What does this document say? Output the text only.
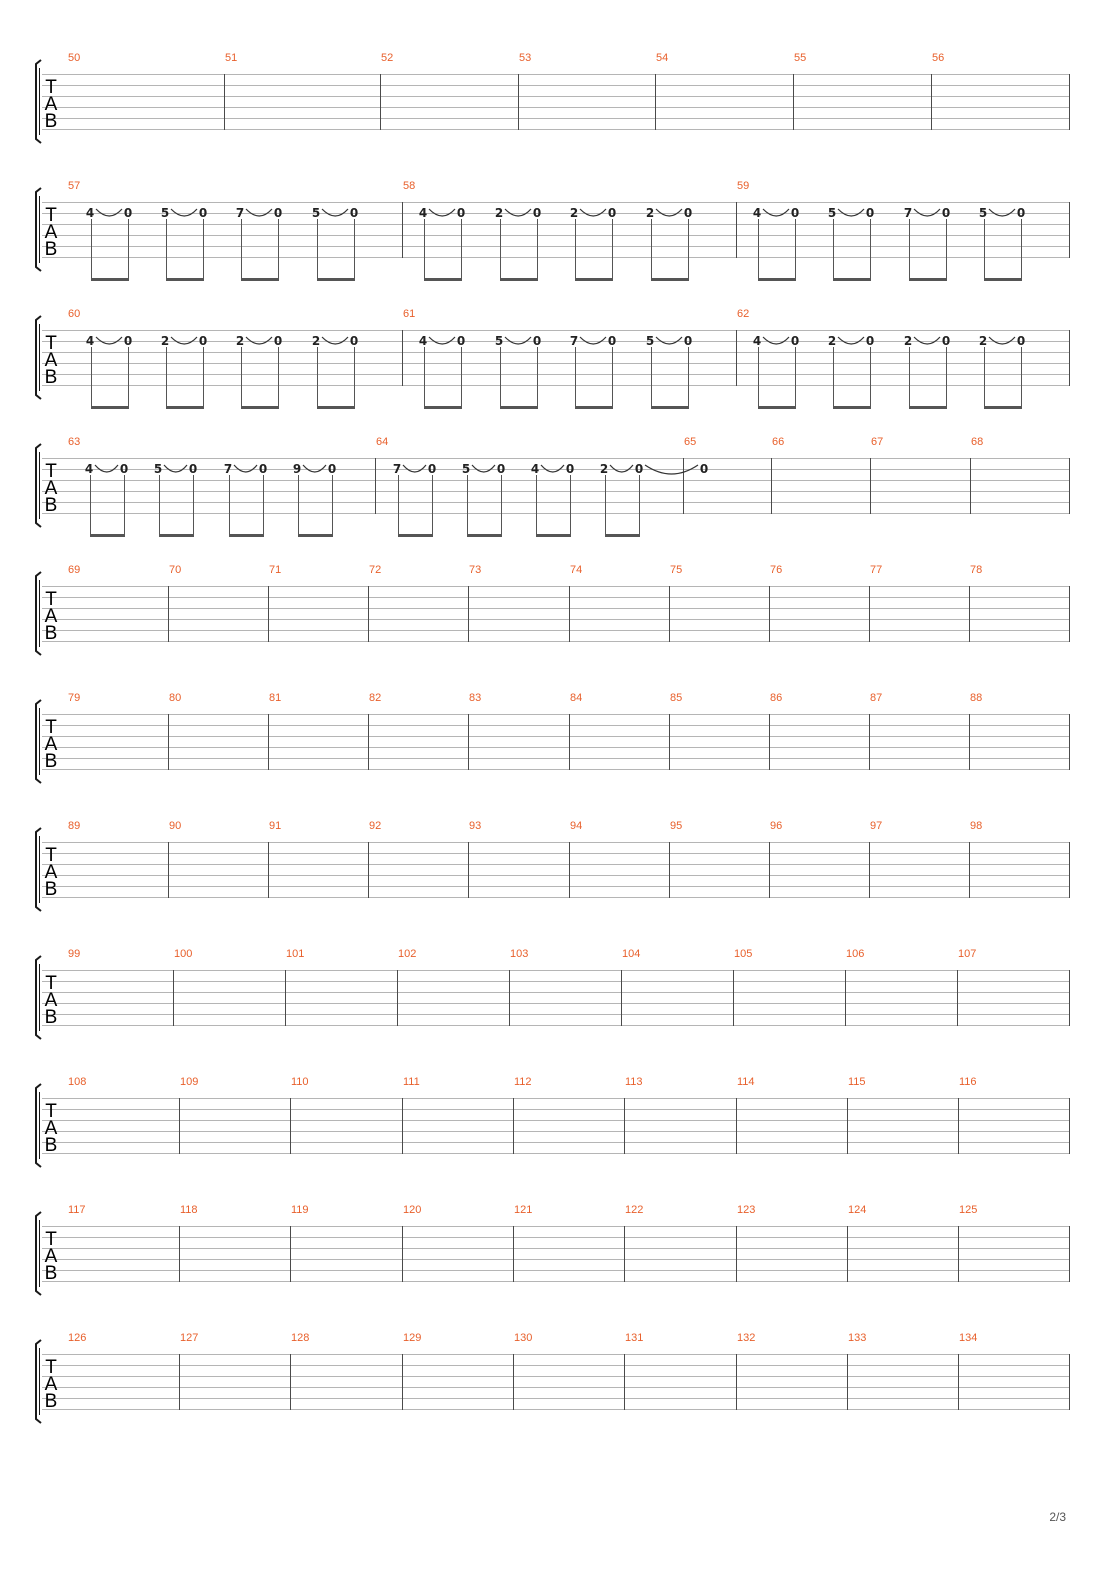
T
A
B
50	51	52	53	54	55	56
T
A
B
57
4 0 5 0 7 0 5 0
58
4 0 2 0 2 0 2 0
59
4 0 5 0 7 0 5 0
T
A
B
60
4 0 2 0 2 0 2 0
61
4 0 5 0 7 0 5 0
62
4 0 2 0 2 0 2 0
T
A
B
63
4 0 5 0 7 0 9 0
64
7 0 5 0 4 0 2 0
65
0
66	67	68
T
A
B
69	70	71	72	73	74	75	76	77	78
T
A
B
79	80	81	82	83	84	85	86	87	88
T
A
B
89	90	91	92	93	94	95	96	97	98
T
A
B
99	100	101	102	103	104	105	106	107
T
A
B
108	109	110	111	112	113	114	115	116
T
A
B
117	118	119	120	121	122	123	124	125
T
A
B
126	127	128	129	130	131	132	133	134
2/3
